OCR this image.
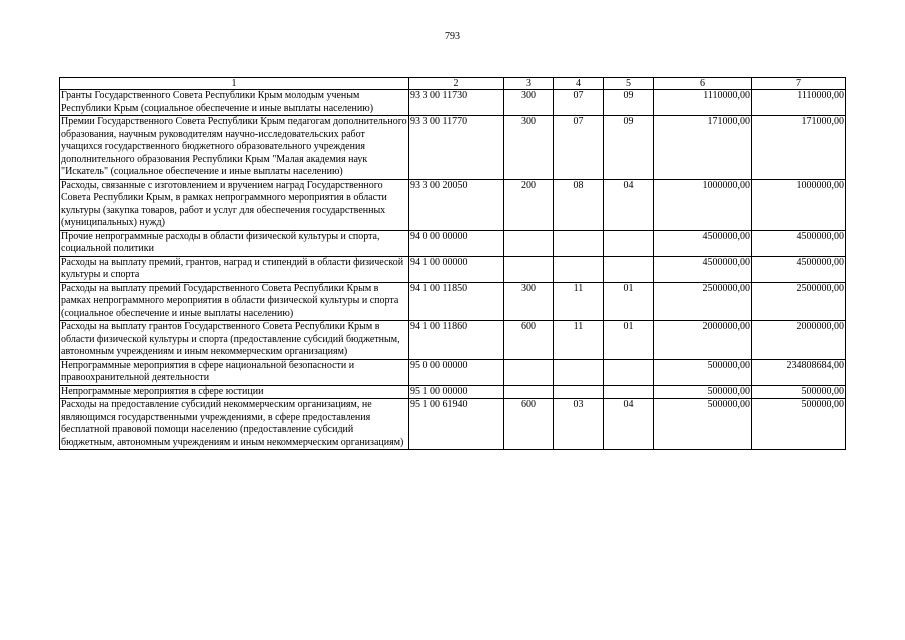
793
1	2	3	4	5	6	7
Гранты Государственного Совета Республики Крым молодым ученым Республики Крым (социальное обеспечение и иные выплаты населению)	93 3 00 11730	300	07	09	1110000,00	1110000,00
Премии Государственного Совета Республики Крым педагогам дополнительного образования, научным руководителям научно-исследовательских работ учащихся государственного бюджетного образовательного учреждения дополнительного образования Республики Крым "Малая академия наук "Искатель" (социальное обеспечение и иные выплаты населению)	93 3 00 11770	300	07	09	171000,00	171000,00
Расходы, связанные с изготовлением и вручением наград Государственного Совета Республики Крым, в рамках непрограммного мероприятия в области культуры (закупка товаров, работ и услуг для обеспечения государственных (муниципальных) нужд)	93 3 00 20050	200	08	04	1000000,00	1000000,00
Прочие непрограммные расходы в области физической культуры и спорта, социальной политики	94 0 00 00000				4500000,00	4500000,00
Расходы на выплату премий, грантов, наград и стипендий в области физической культуры и спорта	94 1 00 00000				4500000,00	4500000,00
Расходы на выплату премий Государственного Совета Республики Крым в рамках непрограммного мероприятия в области физической культуры и спорта (социальное обеспечение и иные выплаты населению)	94 1 00 11850	300	11	01	2500000,00	2500000,00
Расходы на выплату грантов Государственного Совета Республики Крым в области физической культуры и спорта (предоставление субсидий бюджетным, автономным учреждениям и иным некоммерческим организациям)	94 1 00 11860	600	11	01	2000000,00	2000000,00
Непрограммные мероприятия в сфере национальной безопасности и правоохранительной деятельности	95 0 00 00000				500000,00	234808684,00
Непрограммные мероприятия в сфере юстиции	95 1 00 00000				500000,00	500000,00
Расходы на предоставление субсидий некоммерческим организациям, не являющимся государственными учреждениями, в сфере предоставления бесплатной правовой помощи населению (предоставление субсидий бюджетным, автономным учреждениям и иным некоммерческим организациям)	95 1 00 61940	600	03	04	500000,00	500000,00
